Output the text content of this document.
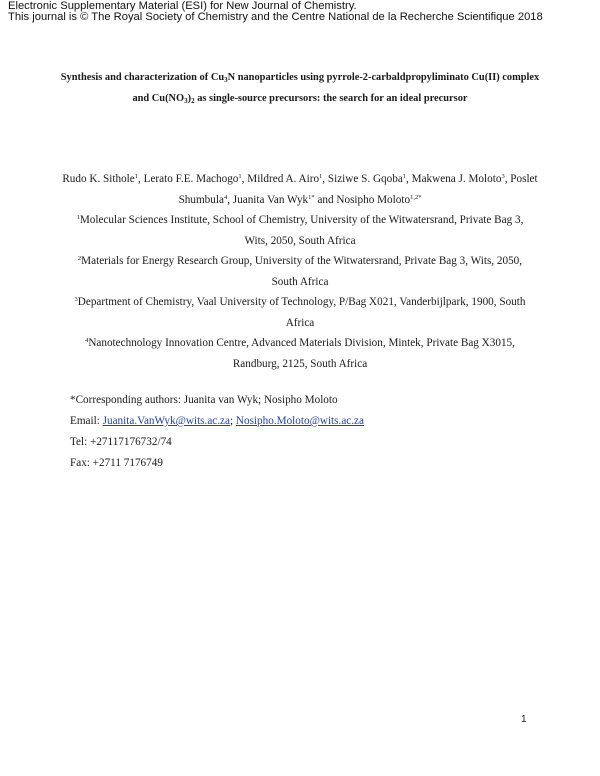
Electronic Supplementary Material (ESI) for New Journal of Chemistry.
This journal is © The Royal Society of Chemistry and the Centre National de la Recherche Scientifique 2018
Synthesis and characterization of $Cu_3N$ nanoparticles using pyrrole-2-carbaldpropyliminato Cu(II) complex and $Cu(NO_3)_2$ as single-source precursors: the search for an ideal precursor
Rudo K. Sithole$^1$, Lerato F.E. Machogo$^1$, Mildred A. Airo$^1$, Siziwe S. Gqoba$^1$, Makwena J. Moloto$^3$, Poslet Shumbula$^4$, Juanita Van Wyk$^{1*}$ and Nosipho Moloto$^{1,2*}$
$^1$Molecular Sciences Institute, School of Chemistry, University of the Witwatersrand, Private Bag 3, Wits, 2050, South Africa
$^2$Materials for Energy Research Group, University of the Witwatersrand, Private Bag 3, Wits, 2050, South Africa
$^3$Department of Chemistry, Vaal University of Technology, P/Bag X021, Vanderbijlpark, 1900, South Africa
$^4$Nanotechnology Innovation Centre, Advanced Materials Division, Mintek, Private Bag X3015, Randburg, 2125, South Africa
*Corresponding authors: Juanita van Wyk; Nosipho Moloto
Email: Juanita.VanWyk@wits.ac.za; Nosipho.Moloto@wits.ac.za
Tel: +27117176732/74
Fax: +2711 7176749
1
